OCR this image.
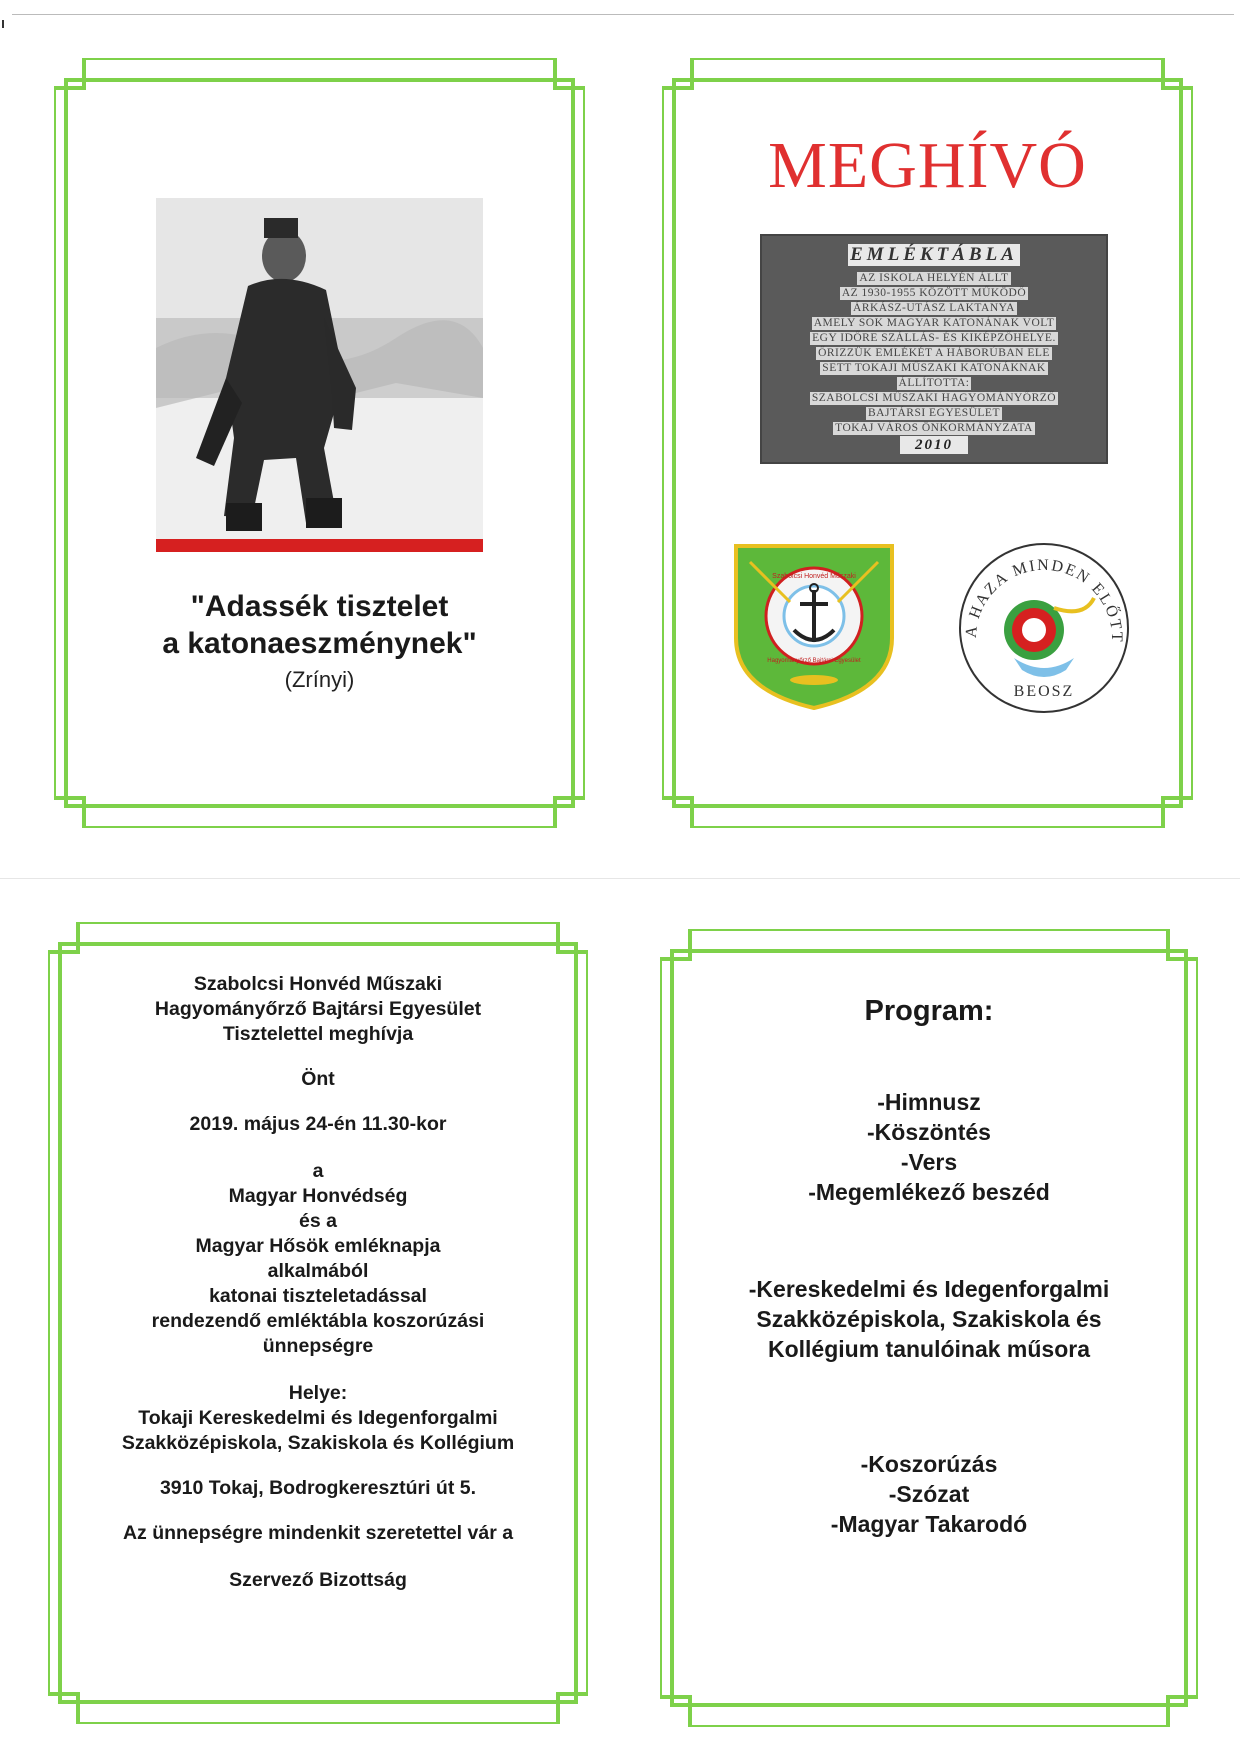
"Adassék tisztelet
a katonaeszménynek"
(Zrínyi)
MEGHÍVÓ
EMLÉKTÁBLA
AZ ISKOLA HELYÉN ÁLLT
AZ 1930-1955 KÖZÖTT MŰKÖDŐ
ÁRKÁSZ-UTÁSZ LAKTANYA
AMELY SOK MAGYAR KATONÁNAK VOLT
EGY IDŐRE SZÁLLÁS- ÉS KIKÉPZŐHELYE.
ŐRIZZÜK EMLÉKÉT A HÁBORÚBAN ELE
SETT TOKAJI MŰSZAKI KATONÁKNAK
ÁLLÍTOTTA:
SZABOLCSI MŰSZAKI HAGYOMÁNYŐRZŐ
BAJTÁRSI EGYESÜLET
TOKAJ VÁROS ÖNKORMÁNYZATA
2010
Szabolcsi Honvéd Műszaki
Hagyományőrző Bajtársi Egyesület
A HAZA MINDEN ELŐTT
BEOSZ

Szabolcsi Honvéd Műszaki

Hagyományőrző Bajtársi Egyesület

Tisztelettel meghívja

Önt

2019. május 24-én 11.30-kor

a

Magyar Honvédség

és a

Magyar Hősök emléknapja

alkalmából

katonai tiszteletadással

rendezendő emléktábla koszorúzási

ünnepségre

Helye:

Tokaji Kereskedelmi és Idegenforgalmi

Szakközépiskola, Szakiskola és Kollégium

3910 Tokaj, Bodrogkeresztúri út 5.

Az ünnepségre mindenkit szeretettel vár a

Szervező Bizottság

Program:

-Himnusz

-Köszöntés

-Vers

-Megemlékező beszéd

-Kereskedelmi és Idegenforgalmi

Szakközépiskola, Szakiskola és

Kollégium tanulóinak műsora

-Koszorúzás

-Szózat

-Magyar Takarodó
